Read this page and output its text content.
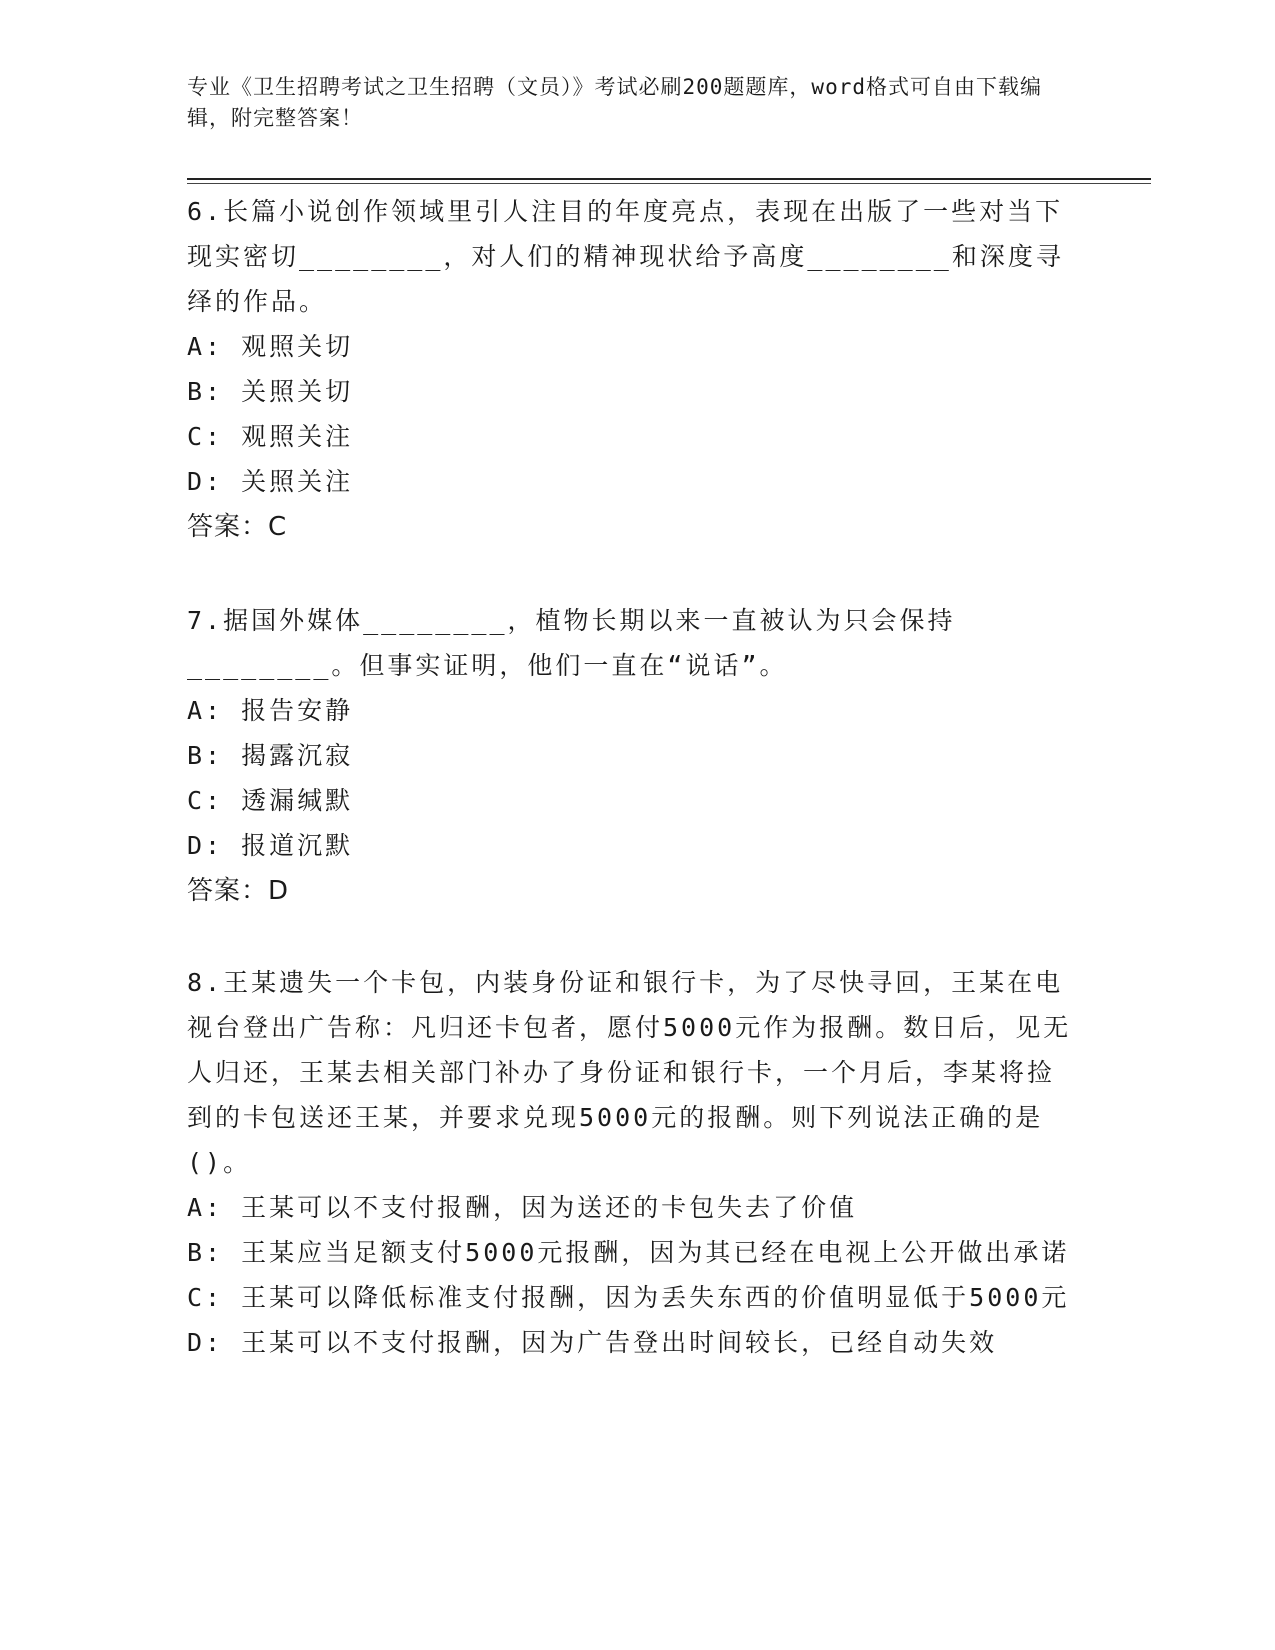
专业《卫生招聘考试之卫生招聘（文员）》考试必刷200题题库，word格式可自由下载编辑，附完整答案！

6.长篇小说创作领域里引人注目的年度亮点，表现在出版了一些对当下现实密切________，对人们的精神现状给予高度________和深度寻绎的作品。

A: 观照关切

B: 关照关切

C: 观照关注

D: 关照关注

答案：C

7.据国外媒体________，植物长期以来一直被认为只会保持________。但事实证明，他们一直在“说话”。

A: 报告安静

B: 揭露沉寂

C: 透漏缄默

D: 报道沉默

答案：D

8.王某遗失一个卡包，内装身份证和银行卡，为了尽快寻回，王某在电视台登出广告称：凡归还卡包者，愿付5000元作为报酬。数日后，见无人归还，王某去相关部门补办了身份证和银行卡，一个月后，李某将捡到的卡包送还王某，并要求兑现5000元的报酬。则下列说法正确的是()。

A: 王某可以不支付报酬，因为送还的卡包失去了价值

B: 王某应当足额支付5000元报酬，因为其已经在电视上公开做出承诺

C: 王某可以降低标准支付报酬，因为丢失东西的价值明显低于5000元

D: 王某可以不支付报酬，因为广告登出时间较长，已经自动失效
